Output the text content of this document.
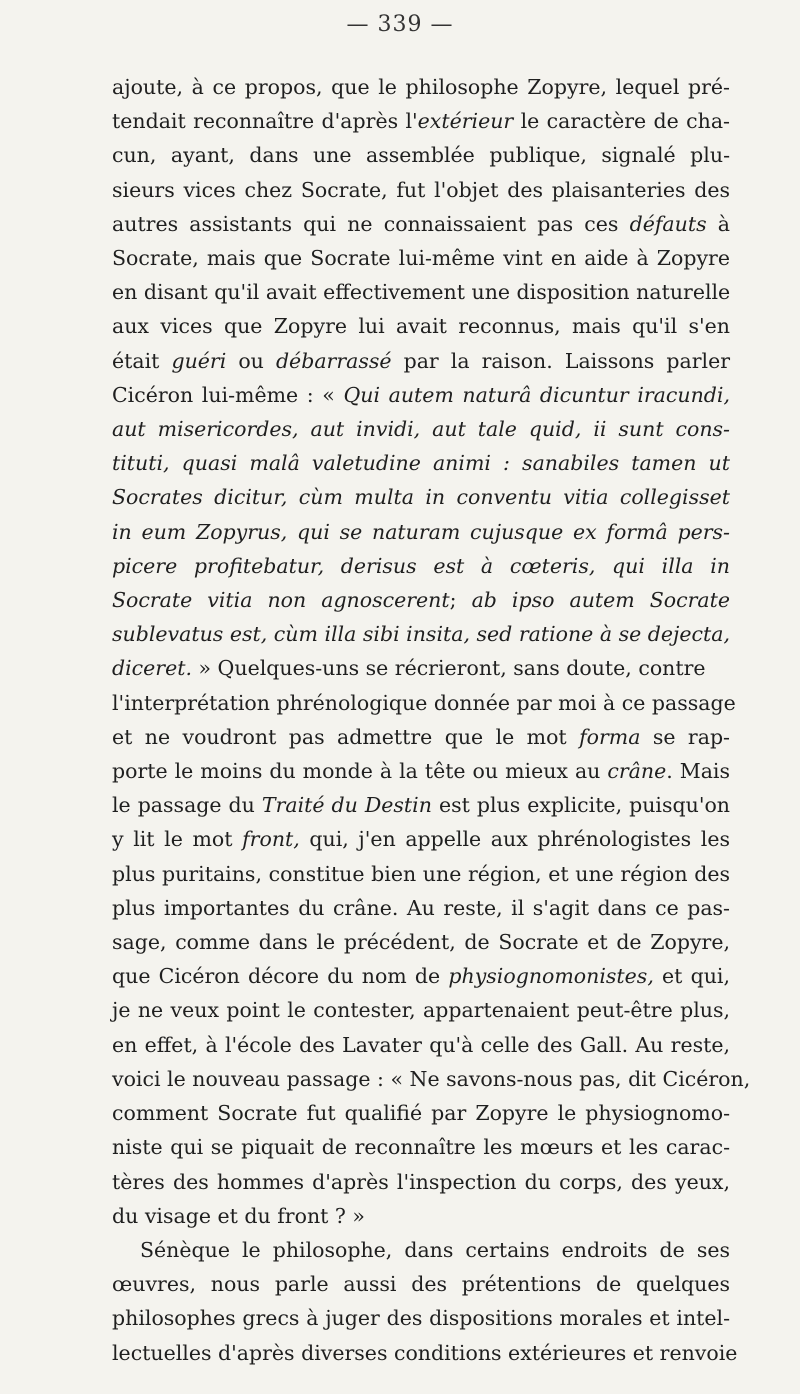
— 339 —
ajoute, à ce propos, que le philosophe Zopyre, lequel pré-
tendait reconnaître d'après l'extérieur le caractère de cha-
cun, ayant, dans une assemblée publique, signalé plu-
sieurs vices chez Socrate, fut l'objet des plaisanteries des
autres assistants qui ne connaissaient pas ces défauts à
Socrate, mais que Socrate lui-même vint en aide à Zopyre
en disant qu'il avait effectivement une disposition naturelle
aux vices que Zopyre lui avait reconnus, mais qu'il s'en
était guéri ou débarrassé par la raison. Laissons parler
Cicéron lui-même : « Qui autem naturâ dicuntur iracundi,
aut misericordes, aut invidi, aut tale quid, ii sunt cons-
tituti, quasi malâ valetudine animi : sanabiles tamen ut
Socrates dicitur, cùm multa in conventu vitia collegisset
in eum Zopyrus, qui se naturam cujusque ex formâ pers-
picere profitebatur, derisus est à cœteris, qui illa in
Socrate vitia non agnoscerent; ab ipso autem Socrate
sublevatus est, cùm illa sibi insita, sed ratione à se dejecta,
diceret. » Quelques-uns se récrieront, sans doute, contre
l'interprétation phrénologique donnée par moi à ce passage
et ne voudront pas admettre que le mot forma se rap-
porte le moins du monde à la tête ou mieux au crâne. Mais
le passage du Traité du Destin est plus explicite, puisqu'on
y lit le mot front, qui, j'en appelle aux phrénologistes les
plus puritains, constitue bien une région, et une région des
plus importantes du crâne. Au reste, il s'agit dans ce pas-
sage, comme dans le précédent, de Socrate et de Zopyre,
que Cicéron décore du nom de physiognomonistes, et qui,
je ne veux point le contester, appartenaient peut-être plus,
en effet, à l'école des Lavater qu'à celle des Gall. Au reste,
voici le nouveau passage : « Ne savons-nous pas, dit Cicéron,
comment Socrate fut qualifié par Zopyre le physiognomo-
niste qui se piquait de reconnaître les mœurs et les carac-
tères des hommes d'après l'inspection du corps, des yeux,
du visage et du front ? »
Sénèque le philosophe, dans certains endroits de ses
œuvres, nous parle aussi des prétentions de quelques
philosophes grecs à juger des dispositions morales et intel-
lectuelles d'après diverses conditions extérieures et renvoie
